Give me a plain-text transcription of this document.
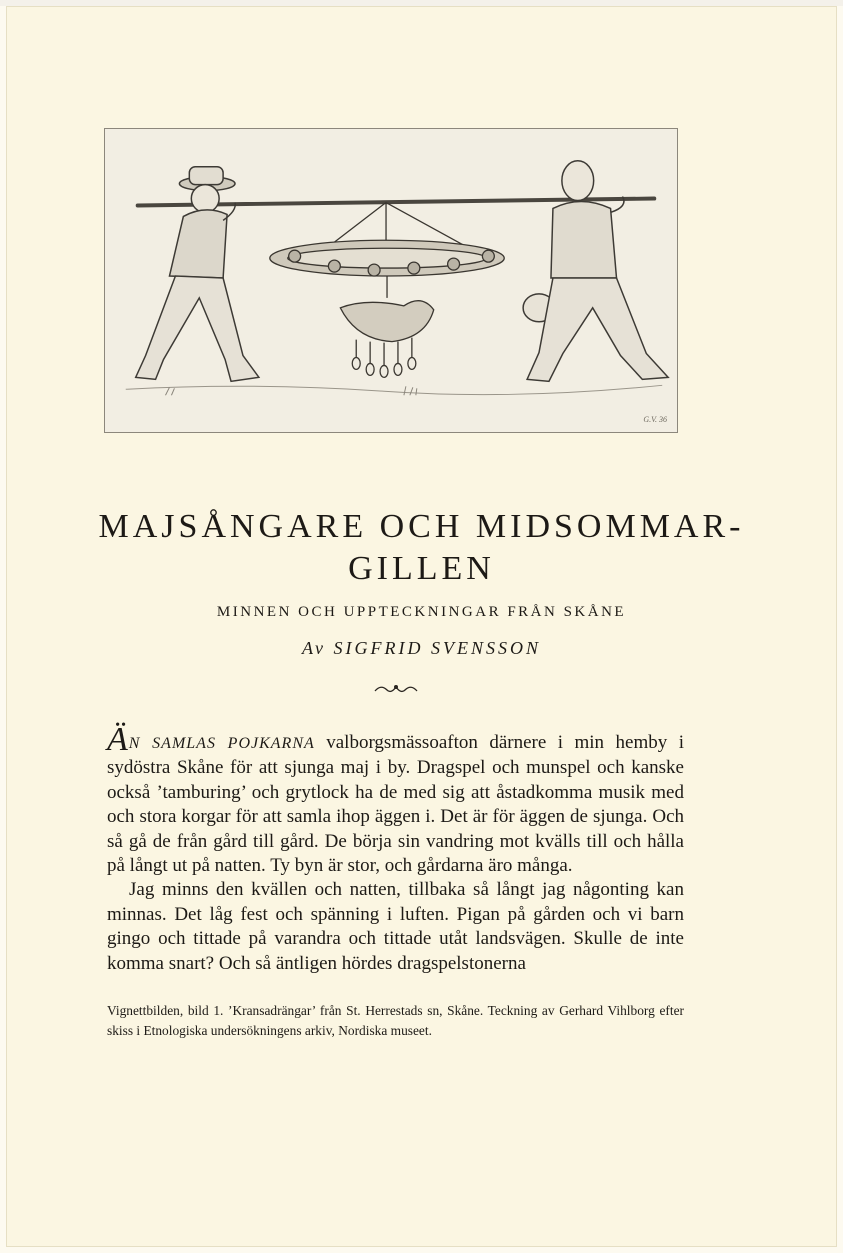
G.V. 36
MAJSÅNGARE OCH MIDSOMMAR-
GILLEN

MINNEN OCH UPPTECKNINGAR FRÅN SKÅNE

Av SIGFRID SVENSSON

ÄN SAMLAS POJKARNA valborgsmässoafton därnere i min hemby i sydöstra Skåne för att sjunga maj i by. Dragspel och munspel och kanske också ’tamburing’ och grytlock ha de med sig att åstadkomma musik med och stora korgar för att samla ihop äggen i. Det är för äggen de sjunga. Och så gå de från gård till gård. De börja sin vandring mot kvälls till och hålla på långt ut på natten. Ty byn är stor, och gårdarna äro många.

Jag minns den kvällen och natten, tillbaka så långt jag någonting kan minnas. Det låg fest och spänning i luften. Pigan på gården och vi barn gingo och tittade på varandra och tittade utåt landsvägen. Skulle de inte komma snart? Och så äntligen hördes dragspelstonerna

Vignettbilden, bild 1. ’Kransadrängar’ från St. Herrestads sn, Skåne. Teckning av Gerhard Vihlborg efter skiss i Etnologiska undersökningens arkiv, Nordiska museet.
